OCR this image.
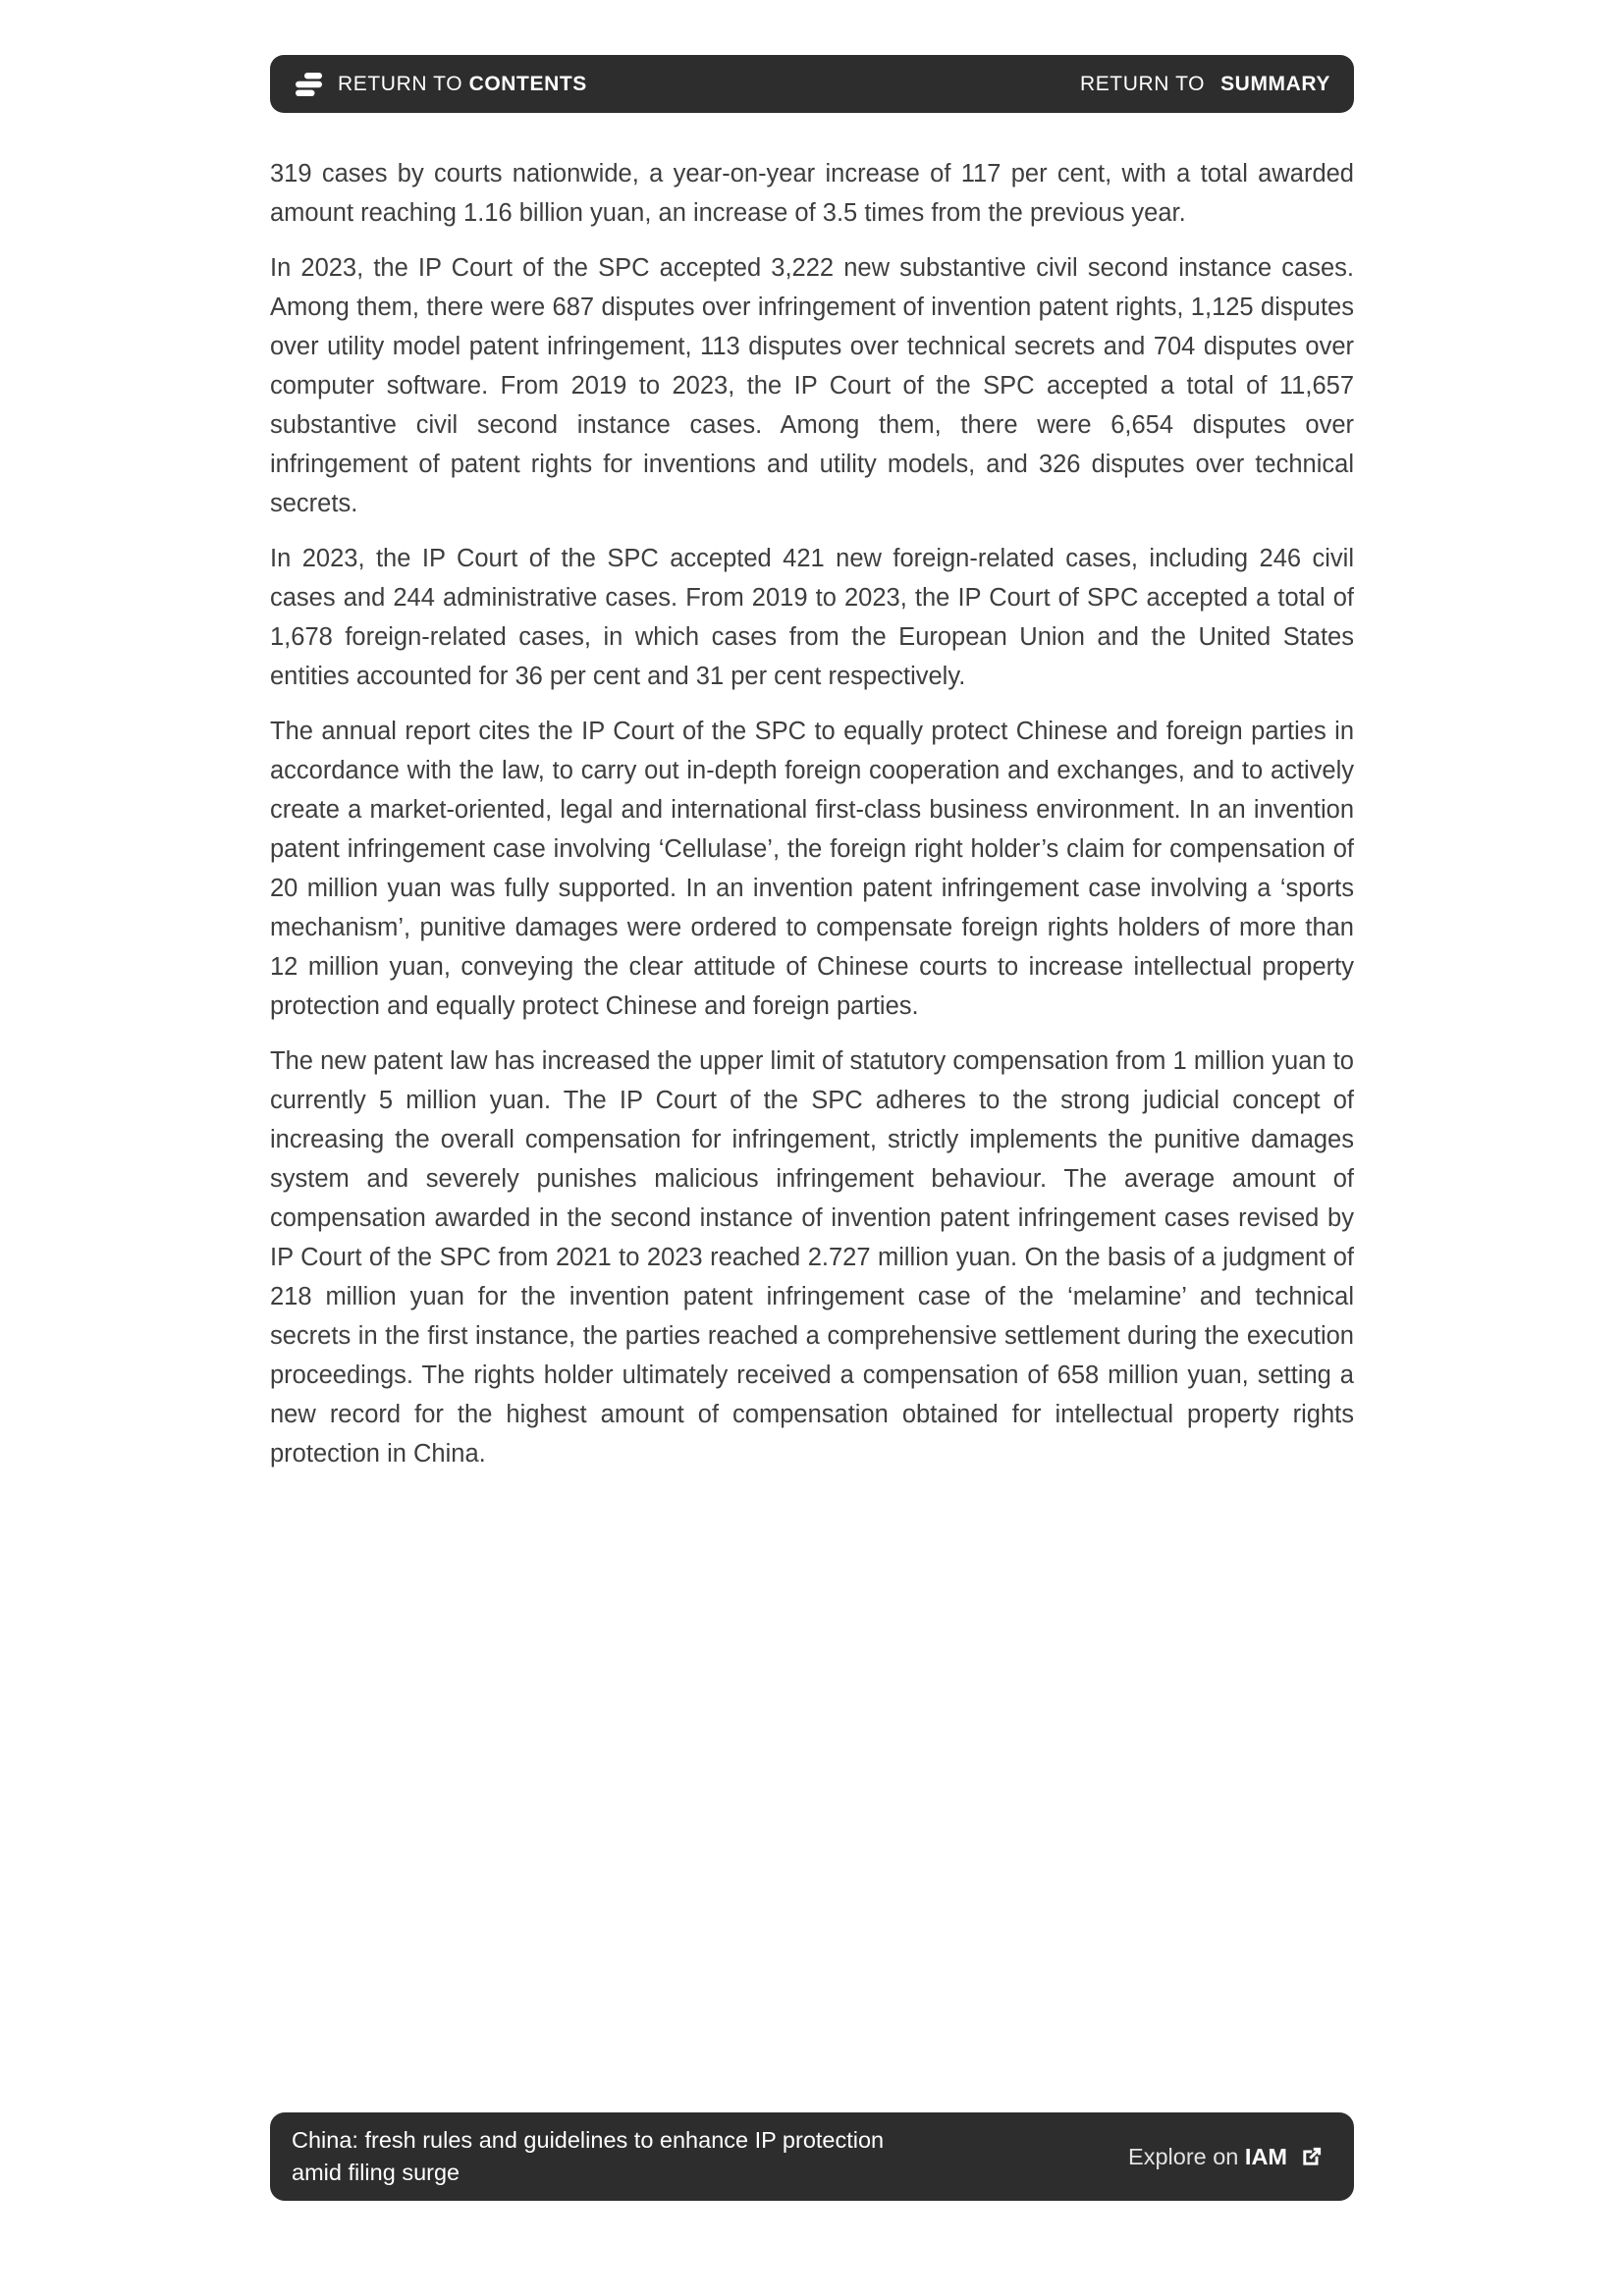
RETURN TO CONTENTS	RETURN TO SUMMARY

319 cases by courts nationwide, a year-on-year increase of 117 per cent, with a total awarded amount reaching 1.16 billion yuan, an increase of 3.5 times from the previous year.

In 2023, the IP Court of the SPC accepted 3,222 new substantive civil second instance cases. Among them, there were 687 disputes over infringement of invention patent rights, 1,125 disputes over utility model patent infringement, 113 disputes over technical secrets and 704 disputes over computer software. From 2019 to 2023, the IP Court of the SPC accepted a total of 11,657 substantive civil second instance cases. Among them, there were 6,654 disputes over infringement of patent rights for inventions and utility models, and 326 disputes over technical secrets.

In 2023, the IP Court of the SPC accepted 421 new foreign-related cases, including 246 civil cases and 244 administrative cases. From 2019 to 2023, the IP Court of SPC accepted a total of 1,678 foreign-related cases, in which cases from the European Union and the United States entities accounted for 36 per cent and 31 per cent respectively.

The annual report cites the IP Court of the SPC to equally protect Chinese and foreign parties in accordance with the law, to carry out in-depth foreign cooperation and exchanges, and to actively create a market-oriented, legal and international first-class business environment. In an invention patent infringement case involving ‘Cellulase’, the foreign right holder’s claim for compensation of 20 million yuan was fully supported. In an invention patent infringement case involving a ‘sports mechanism’, punitive damages were ordered to compensate foreign rights holders of more than 12 million yuan, conveying the clear attitude of Chinese courts to increase intellectual property protection and equally protect Chinese and foreign parties.

The new patent law has increased the upper limit of statutory compensation from 1 million yuan to currently 5 million yuan. The IP Court of the SPC adheres to the strong judicial concept of increasing the overall compensation for infringement, strictly implements the punitive damages system and severely punishes malicious infringement behaviour. The average amount of compensation awarded in the second instance of invention patent infringement cases revised by IP Court of the SPC from 2021 to 2023 reached 2.727 million yuan. On the basis of a judgment of 218 million yuan for the invention patent infringement case of the ‘melamine’ and technical secrets in the first instance, the parties reached a comprehensive settlement during the execution proceedings. The rights holder ultimately received a compensation of 658 million yuan, setting a new record for the highest amount of compensation obtained for intellectual property rights protection in China.

China: fresh rules and guidelines to enhance IP protection
amid filing surge
Explore on IAM
